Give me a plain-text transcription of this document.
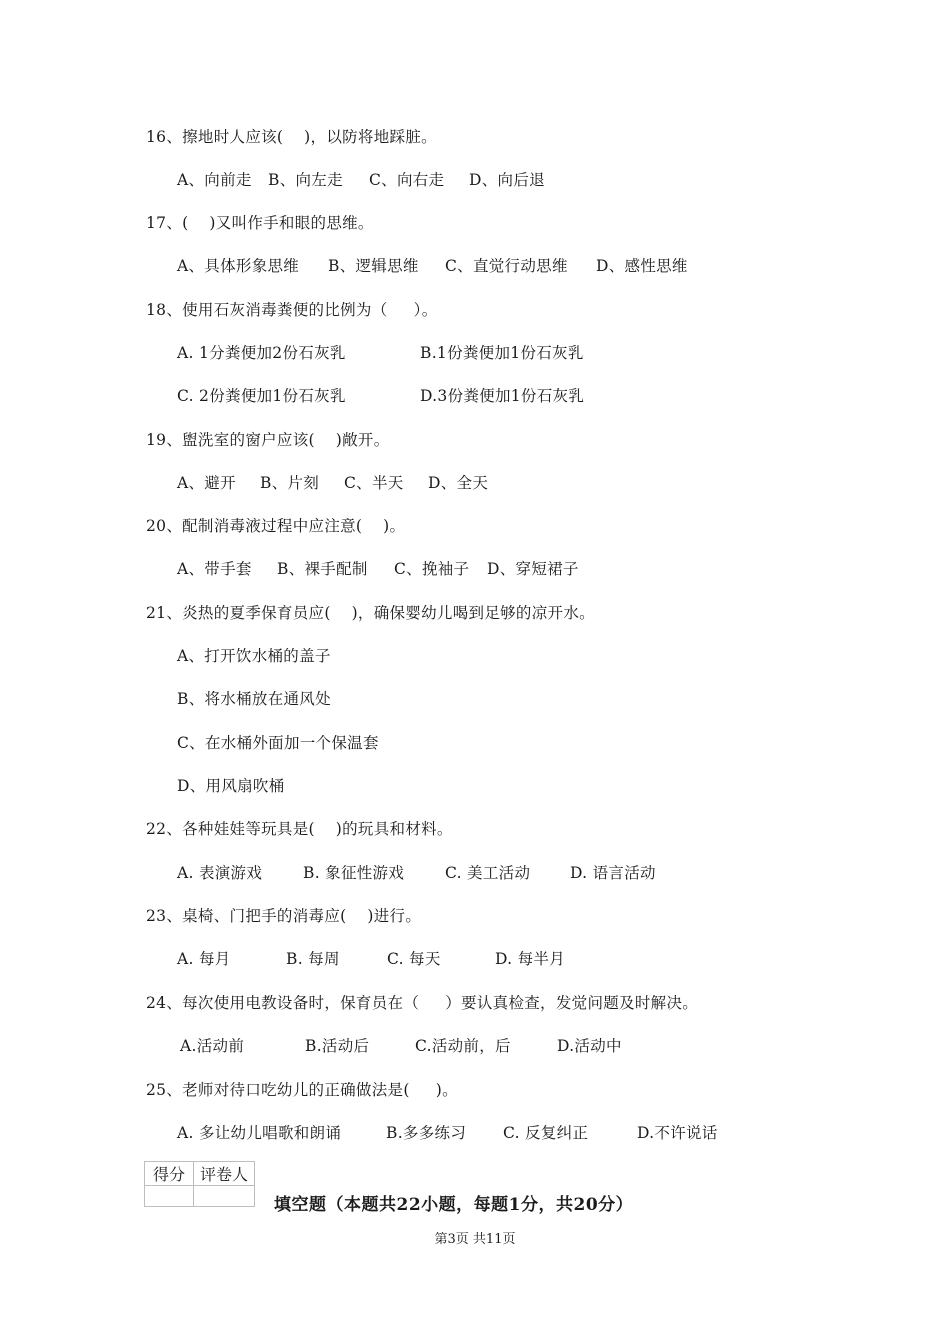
16、擦地时人应该(    )，以防将地踩脏。

A、向前走

B、向左走

C、向右走

D、向后退

17、(    )又叫作手和眼的思维。

A、具体形象思维

B、逻辑思维

C、直觉行动思维

D、感性思维

18、使用石灰消毒粪便的比例为（     ）。

A. 1分粪便加2份石灰乳

	B.1份粪便加1份石灰乳

C. 2份粪便加1份石灰乳

	D.3份粪便加1份石灰乳

19、盥洗室的窗户应该(    )敞开。

A、避开

B、片刻

C、半天

D、全天

20、配制消毒液过程中应注意(    )。

A、带手套

B、裸手配制

C、挽袖子

D、穿短裙子

21、炎热的夏季保育员应(    )，确保婴幼儿喝到足够的凉开水。
A、打开饮水桶的盖子
B、将水桶放在通风处
C、在水桶外面加一个保温套
D、用风扇吹桶
22、各种娃娃等玩具是(    )的玩具和材料。

A. 表演游戏

	B. 象征性游戏

	C. 美工活动

	D. 语言活动

23、桌椅、门把手的消毒应(    )进行。

A. 每月

	B. 每周

	C. 每天

	D. 每半月

24、每次使用电教设备时，保育员在（     ）要认真检查，发觉问题及时解决。

A.活动前

	B.活动后

	C.活动前，后

	D.活动中

25、老师对待口吃幼儿的正确做法是(     )。

A. 多让幼儿唱歌和朗诵

	B.多多练习

C. 反复纠正

	D.不许说话

得分	评卷人

填空题（本题共22小题，每题1分，共20分）
第3页 共11页
